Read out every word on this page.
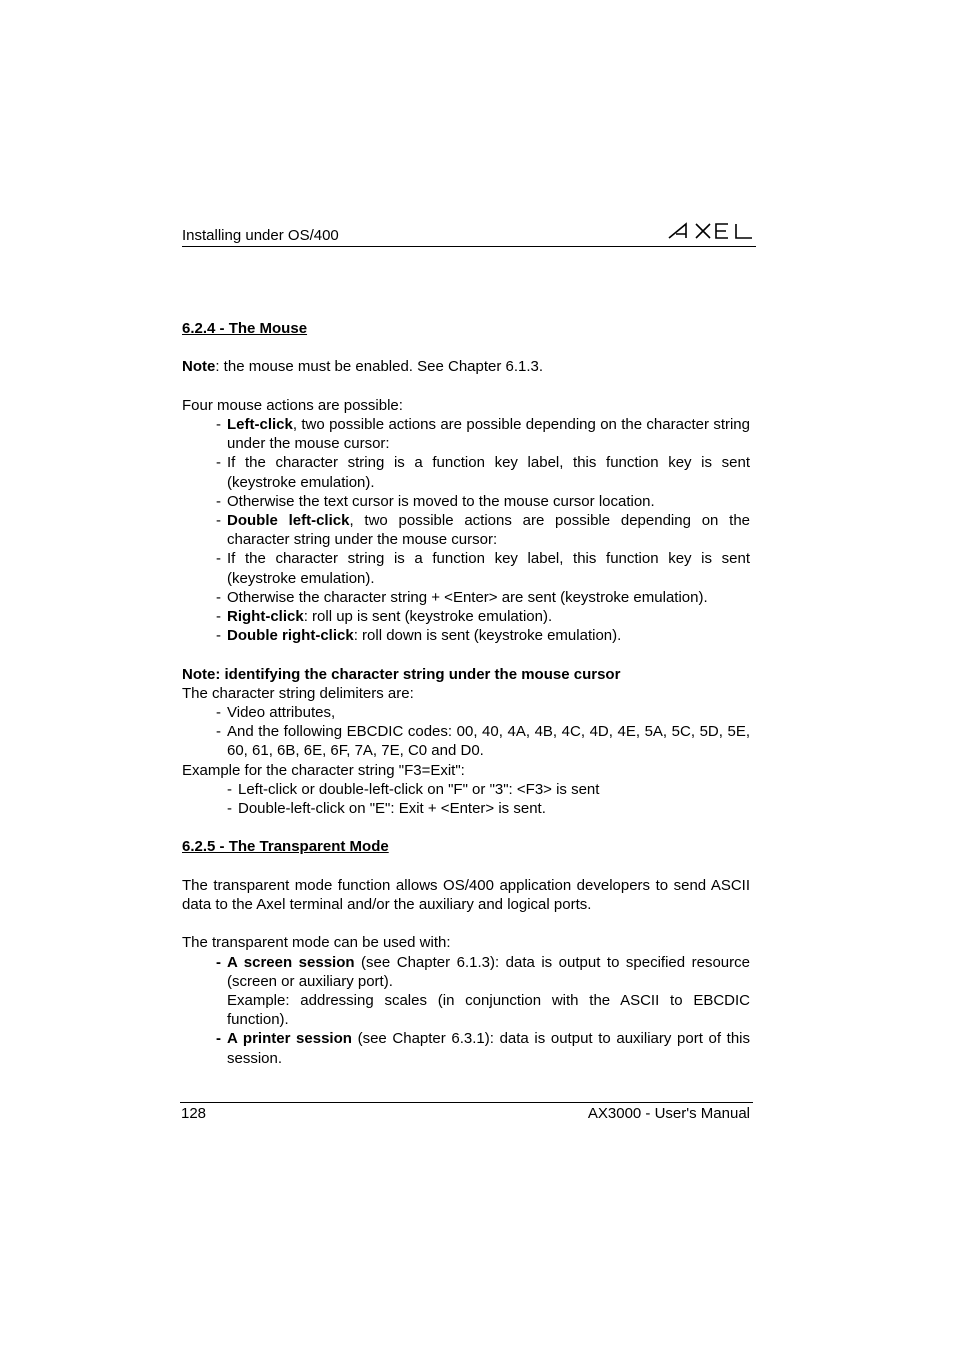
Installing under OS/400
6.2.4 - The Mouse
Note: the mouse must be enabled. See Chapter 6.1.3.
Four mouse actions are possible:
- Left-click, two possible actions are possible depending on the character string under the mouse cursor:
- If the character string is a function key label, this function key is sent (keystroke emulation).
- Otherwise the text cursor is moved to the mouse cursor location.
- Double left-click, two possible actions are possible depending on the character string under the mouse cursor:
- If the character string is a function key label, this function key is sent (keystroke emulation).
- Otherwise the character string + <Enter> are sent (keystroke emulation).
- Right-click: roll up is sent (keystroke emulation).
- Double right-click: roll down is sent (keystroke emulation).
Note: identifying the character string under the mouse cursor
The character string delimiters are:
- Video attributes,
- And the following EBCDIC codes: 00, 40, 4A, 4B, 4C, 4D, 4E, 5A, 5C, 5D, 5E, 60, 61, 6B, 6E, 6F, 7A, 7E, C0 and D0.
Example for the character string "F3=Exit":
- Left-click or double-left-click on "F" or "3": <F3> is sent
- Double-left-click on "E": Exit + <Enter> is sent.
6.2.5 - The Transparent Mode
The transparent mode function allows OS/400 application developers to send ASCII data to the Axel terminal and/or the auxiliary and logical ports.
The transparent mode can be used with:
- A screen session (see Chapter 6.1.3): data is output to specified resource (screen or auxiliary port).
Example: addressing scales (in conjunction with the ASCII to EBCDIC function).
- A printer session (see Chapter 6.3.1): data is output to auxiliary port of this session.
128	AX3000 - User's Manual
